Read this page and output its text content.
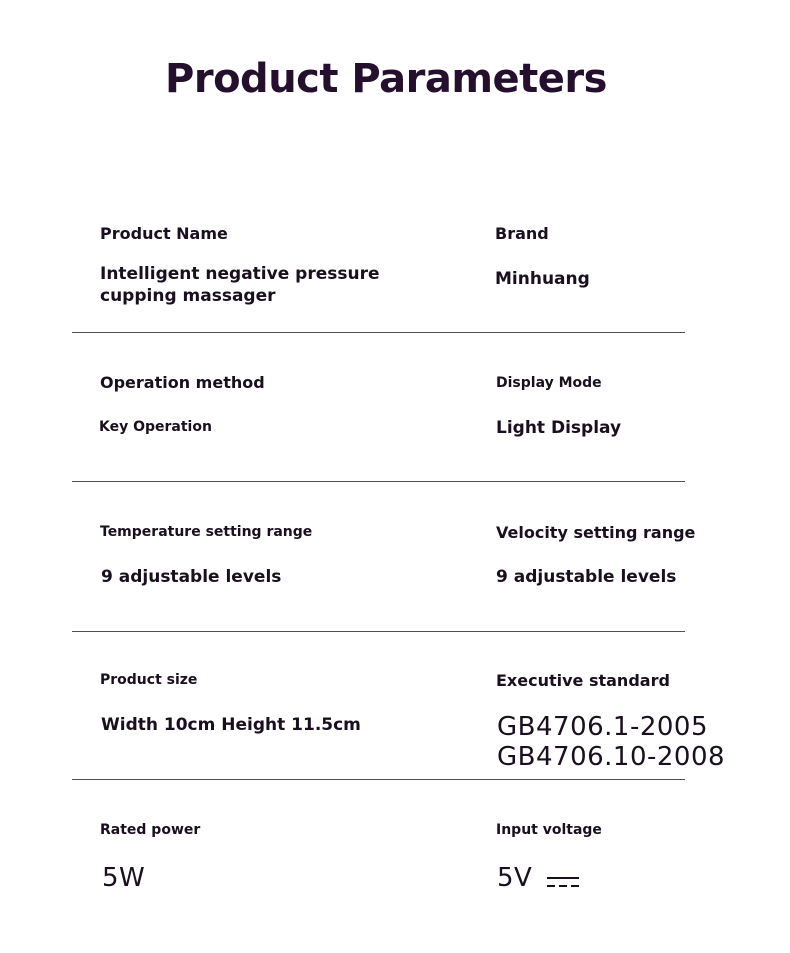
Product Parameters
Product Name
Intelligent negative pressure cupping massager
Brand
Minhuang
Operation method
Key Operation
Display Mode
Light Display
Temperature setting range
9 adjustable levels
Velocity setting range
9 adjustable levels
Product size
Width 10cm Height 11.5cm
Executive standard
GB4706.1-2005
GB4706.10-2008
Rated power
5W
Input voltage
5V
